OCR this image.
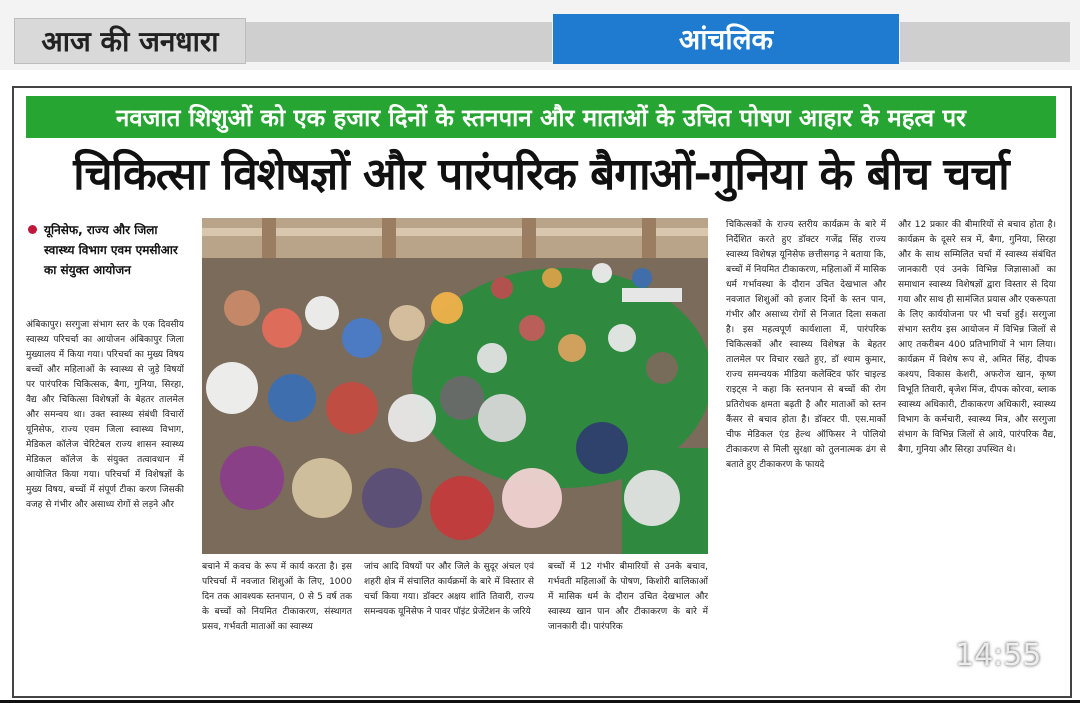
आज की जनधारा	आंचलिक
नवजात शिशुओं को एक हजार दिनों के स्तनपान और माताओं के उचित पोषण आहार के महत्व पर
चिकित्सा विशेषज्ञों और पारंपरिक बैगाओं-गुनिया के बीच चर्चा
यूनिसेफ, राज्य और जिला स्वास्थ्य विभाग एवम एमसीआर का संयुक्त आयोजन
अंबिकापुर। सरगुजा संभाग स्तर के एक दिवसीय स्वास्थ्य परिचर्चा का आयोजन अंबिकापुर जिला मुख्यालय में किया गया। परिचर्चा का मुख्य विषय बच्चों और महिलाओं के स्वास्थ्य से जुड़े विषयों पर पारंपरिक चिकित्सक, बैगा, गुनिया, सिरहा, वैद्य और चिकित्सा विशेषज्ञों के बेहतर तालमेल और समन्वय था। उक्त स्वास्थ्य संबंधी विचारों यूनिसेफ, राज्य एवम जिला स्वास्थ्य विभाग, मेडिकल कॉलेज चेरिटेबल राज्य शासन स्वास्थ्य मेडिकल कॉलेज के संयुक्त तत्वावधान में आयोजित किया गया। परिचर्चा में विशेषज्ञों के मुख्य विषय, बच्चों में संपूर्ण टीका करण जिसकी वजह से गंभीर और असाध्य रोगों से लड़ने और
बचाने में कवच के रूप में कार्य करता है। इस परिचर्चा में नवजात शिशुओं के लिए, 1000 दिन तक आवश्यक स्तनपान, 0 से 5 वर्ष तक के बच्चों को नियमित टीकाकरण, संस्थागत प्रसव, गर्भवती माताओं का स्वास्थ्य
जांच आदि विषयों पर और जिले के सुदूर अंचल एवं शहरी क्षेत्र में संचालित कार्यक्रमों के बारे में विस्तार से चर्चा किया गया। डॉक्टर अक्षय शांति तिवारी, राज्य समन्वयक यूनिसेफ ने पावर पॉइंट प्रेजेंटेशन के जरिये
बच्चों में 12 गंभीर बीमारियों से उनके बचाव, गर्भवती महिलाओं के पोषण, किशोरी बालिकाओं में मासिक धर्म के दौरान उचित देखभाल और स्वास्थ्य खान पान और टीकाकरण के बारे में जानकारी दी। पारंपरिक
चिकित्सकों के राज्य स्तरीय कार्यक्रम के बारे में निर्देशित करते हुए डॉक्टर गजेंद्र सिंह राज्य स्वास्थ्य विशेषज्ञ यूनिसेफ छत्तीसगढ़ ने बताया कि, बच्चों में नियमित टीकाकरण, महिलाओं में मासिक धर्म गर्भावस्था के दौरान उचित देखभाल और नवजात शिशुओं को हजार दिनों के स्तन पान, गंभीर और असाध्य रोगों से निजात दिला सकता है। इस महत्वपूर्ण कार्यशाला में, पारंपरिक चिकित्सकों और स्वास्थ्य विशेषज्ञ के बेहतर तालमेल पर विचार रखते हुए, डॉ श्याम कुमार, राज्य समन्वयक मीडिया कलेक्टिव फॉर चाइल्ड राइट्स ने कहा कि स्तनपान से बच्चों की रोग प्रतिरोधक क्षमता बढ़ती है और माताओं को स्तन कैंसर से बचाव होता है। डॉक्टर पी. एस.मार्को चीफ मेडिकल एंड हेल्थ ऑफिसर ने पोलियो टीकाकरण से मिली सुरक्षा को तुलनात्मक ढंग से बताते हुए टीकाकरण के फायदे
और 12 प्रकार की बीमारियों से बचाव होता है। कार्यक्रम के दूसरे सत्र में, बैगा, गुनिया, सिरहा और के साथ सम्मिलित चर्चा में स्वास्थ्य संबंधित जानकारी एवं उनके विभिन्न जिज्ञासाओं का समाधान स्वास्थ्य विशेषज्ञों द्वारा विस्तार से दिया गया और साथ ही सामंजित प्रयास और एकरूपता के लिए कार्ययोजना पर भी चर्चा हुई। सरगुजा संभाग स्तरीय इस आयोजन में विभिन्न जिलों से आए तकरीबन 400 प्रतिभागियों ने भाग लिया। कार्यक्रम में विशेष रूप से, अमित सिंह, दीपक कश्यप, विकास केशरी, अफरोज खान, कृष्ण विभूति तिवारी, बृजेश मिंज, दीपक कोरवा, ब्लाक स्वास्थ्य अधिकारी, टीकाकरण अधिकारी, स्वास्थ्य विभाग के कर्मचारी, स्वास्थ्य मित्र, और सरगुजा संभाग के विभिन्न जिलों से आये, पारंपरिक वैद्य, बैगा, गुनिया और सिरहा उपस्थित थे।
14:55
